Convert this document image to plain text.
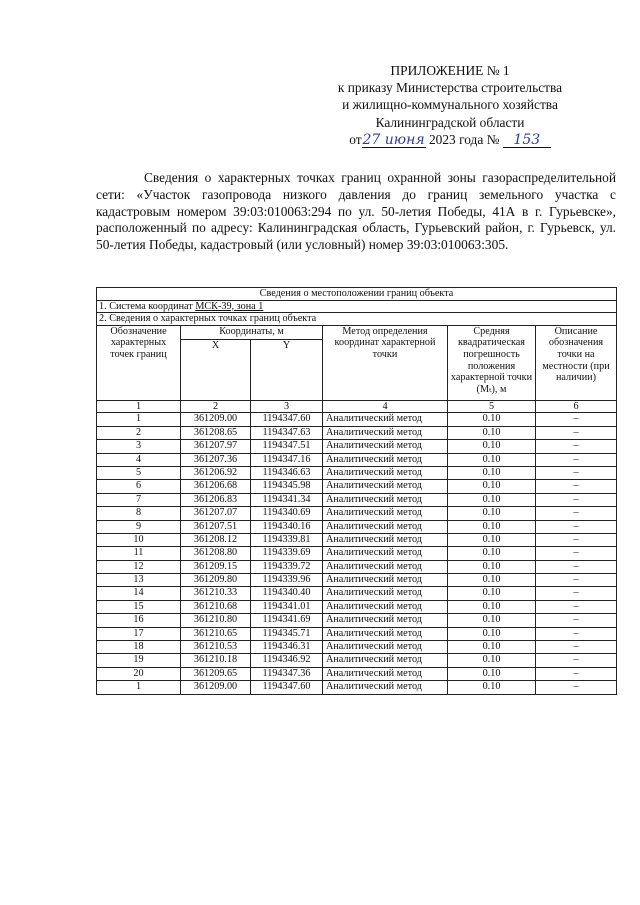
ПРИЛОЖЕНИЕ № 1
к приказу Министерства строительства
и жилищно-коммунального хозяйства
Калининградской области
от27 июня 2023 года № 153

Сведения о характерных точках границ охранной зоны газораспределительной сети: «Участок газопровода низкого давления до границ земельного участка с кадастровым номером 39:03:010063:294 по ул. 50-летия Победы, 41А в г. Гурьевске», расположенный по адресу: Калининградская область, Гурьевский район, г. Гурьевск, ул. 50-летия Победы, кадастровый (или условный) номер 39:03:010063:305.

Сведения о местоположении границ объекта					
1. Система координат МСК-39, зона 1					
2. Сведения о характерных точках границ объекта					
Обозначение характерных точек границ	Координаты, м		Метод определения координат характерной точки	Средняя квадратическая погрешность положения характерной точки (Mₜ), м	Описание обозначения точки на местности (при наличии)
	X	Y			
1	2	3	4	5	6
1	361209.00	1194347.60	Аналитический метод	0.10	–
2	361208.65	1194347.63	Аналитический метод	0.10	–
3	361207.97	1194347.51	Аналитический метод	0.10	–
4	361207.36	1194347.16	Аналитический метод	0.10	–
5	361206.92	1194346.63	Аналитический метод	0.10	–
6	361206.68	1194345.98	Аналитический метод	0.10	–
7	361206.83	1194341.34	Аналитический метод	0.10	–
8	361207.07	1194340.69	Аналитический метод	0.10	–
9	361207.51	1194340.16	Аналитический метод	0.10	–
10	361208.12	1194339.81	Аналитический метод	0.10	–
11	361208.80	1194339.69	Аналитический метод	0.10	–
12	361209.15	1194339.72	Аналитический метод	0.10	–
13	361209.80	1194339.96	Аналитический метод	0.10	–
14	361210.33	1194340.40	Аналитический метод	0.10	–
15	361210.68	1194341.01	Аналитический метод	0.10	–
16	361210.80	1194341.69	Аналитический метод	0.10	–
17	361210.65	1194345.71	Аналитический метод	0.10	–
18	361210.53	1194346.31	Аналитический метод	0.10	–
19	361210.18	1194346.92	Аналитический метод	0.10	–
20	361209.65	1194347.36	Аналитический метод	0.10	–
1	361209.00	1194347.60	Аналитический метод	0.10	–
